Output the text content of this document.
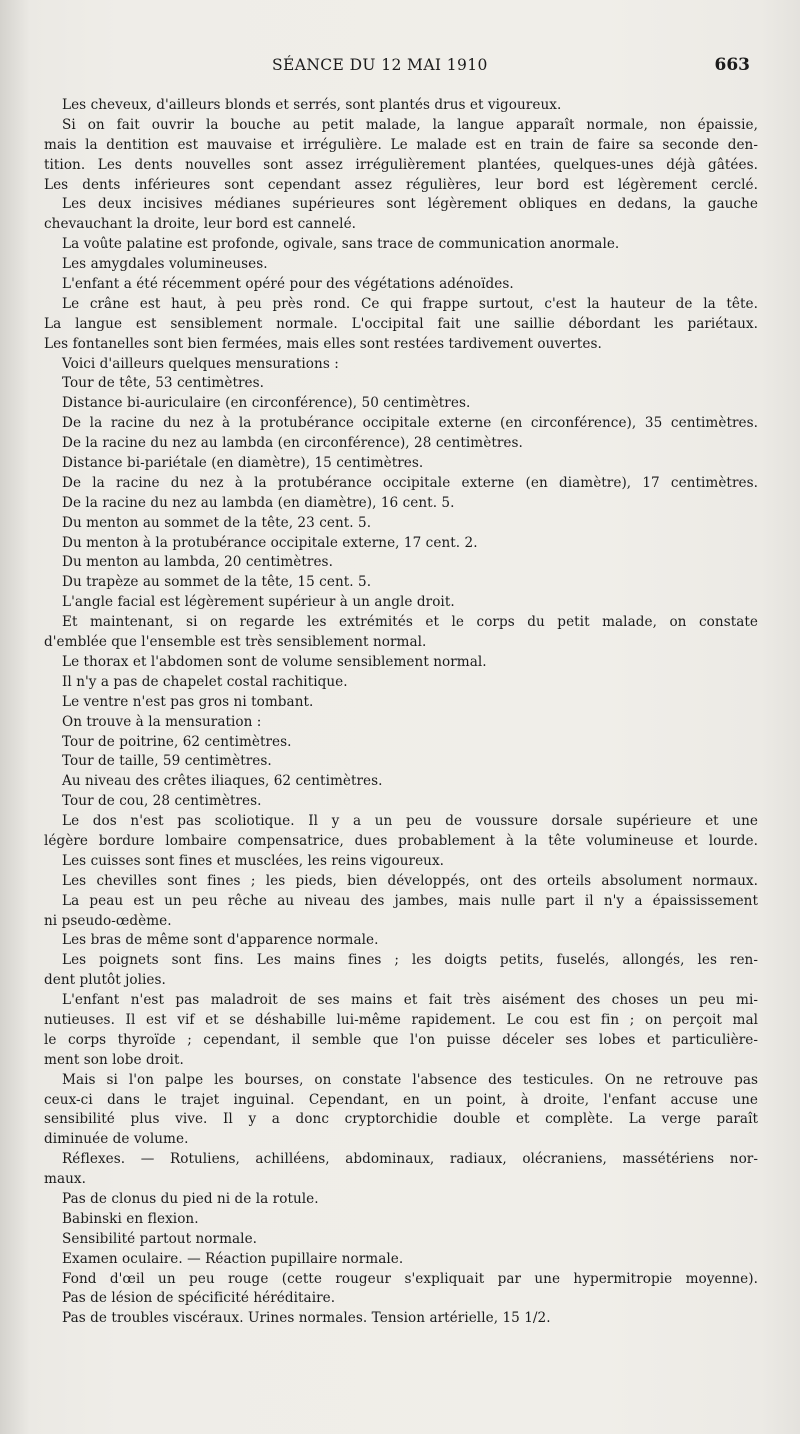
SÉANCE DU 12 MAI 1910	663
Les cheveux, d'ailleurs blonds et serrés, sont plantés drus et vigoureux.
Si on fait ouvrir la bouche au petit malade, la langue apparaît normale, non épaissie,
mais la dentition est mauvaise et irrégulière. Le malade est en train de faire sa seconde den-
tition. Les dents nouvelles sont assez irrégulièrement plantées, quelques-unes déjà gâtées.
Les dents inférieures sont cependant assez régulières, leur bord est légèrement cerclé.
Les deux incisives médianes supérieures sont légèrement obliques en dedans, la gauche
chevauchant la droite, leur bord est cannelé.
La voûte palatine est profonde, ogivale, sans trace de communication anormale.
Les amygdales volumineuses.
L'enfant a été récemment opéré pour des végétations adénoïdes.
Le crâne est haut, à peu près rond. Ce qui frappe surtout, c'est la hauteur de la tête.
La langue est sensiblement normale. L'occipital fait une saillie débordant les pariétaux.
Les fontanelles sont bien fermées, mais elles sont restées tardivement ouvertes.
Voici d'ailleurs quelques mensurations :
Tour de tête, 53 centimètres.
Distance bi-auriculaire (en circonférence), 50 centimètres.
De la racine du nez à la protubérance occipitale externe (en circonférence), 35 centimètres.
De la racine du nez au lambda (en circonférence), 28 centimètres.
Distance bi-pariétale (en diamètre), 15 centimètres.
De la racine du nez à la protubérance occipitale externe (en diamètre), 17 centimètres.
De la racine du nez au lambda (en diamètre), 16 cent. 5.
Du menton au sommet de la tête, 23 cent. 5.
Du menton à la protubérance occipitale externe, 17 cent. 2.
Du menton au lambda, 20 centimètres.
Du trapèze au sommet de la tête, 15 cent. 5.
L'angle facial est légèrement supérieur à un angle droit.
Et maintenant, si on regarde les extrémités et le corps du petit malade, on constate
d'emblée que l'ensemble est très sensiblement normal.
Le thorax et l'abdomen sont de volume sensiblement normal.
Il n'y a pas de chapelet costal rachitique.
Le ventre n'est pas gros ni tombant.
On trouve à la mensuration :
Tour de poitrine, 62 centimètres.
Tour de taille, 59 centimètres.
Au niveau des crêtes iliaques, 62 centimètres.
Tour de cou, 28 centimètres.
Le dos n'est pas scoliotique. Il y a un peu de voussure dorsale supérieure et une
légère bordure lombaire compensatrice, dues probablement à la tête volumineuse et lourde.
Les cuisses sont fines et musclées, les reins vigoureux.
Les chevilles sont fines ; les pieds, bien développés, ont des orteils absolument normaux.
La peau est un peu rêche au niveau des jambes, mais nulle part il n'y a épaississement
ni pseudo-œdème.
Les bras de même sont d'apparence normale.
Les poignets sont fins. Les mains fines ; les doigts petits, fuselés, allongés, les ren-
dent plutôt jolies.
L'enfant n'est pas maladroit de ses mains et fait très aisément des choses un peu mi-
nutieuses. Il est vif et se déshabille lui-même rapidement. Le cou est fin ; on perçoit mal
le corps thyroïde ; cependant, il semble que l'on puisse déceler ses lobes et particulière-
ment son lobe droit.
Mais si l'on palpe les bourses, on constate l'absence des testicules. On ne retrouve pas
ceux-ci dans le trajet inguinal. Cependant, en un point, à droite, l'enfant accuse une
sensibilité plus vive. Il y a donc cryptorchidie double et complète. La verge paraît
diminuée de volume.
Réflexes. — Rotuliens, achilléens, abdominaux, radiaux, olécraniens, massétériens nor-
maux.
Pas de clonus du pied ni de la rotule.
Babinski en flexion.
Sensibilité partout normale.
Examen oculaire. — Réaction pupillaire normale.
Fond d'œil un peu rouge (cette rougeur s'expliquait par une hypermitropie moyenne).
Pas de lésion de spécificité héréditaire.
Pas de troubles viscéraux. Urines normales. Tension artérielle, 15 1/2.
